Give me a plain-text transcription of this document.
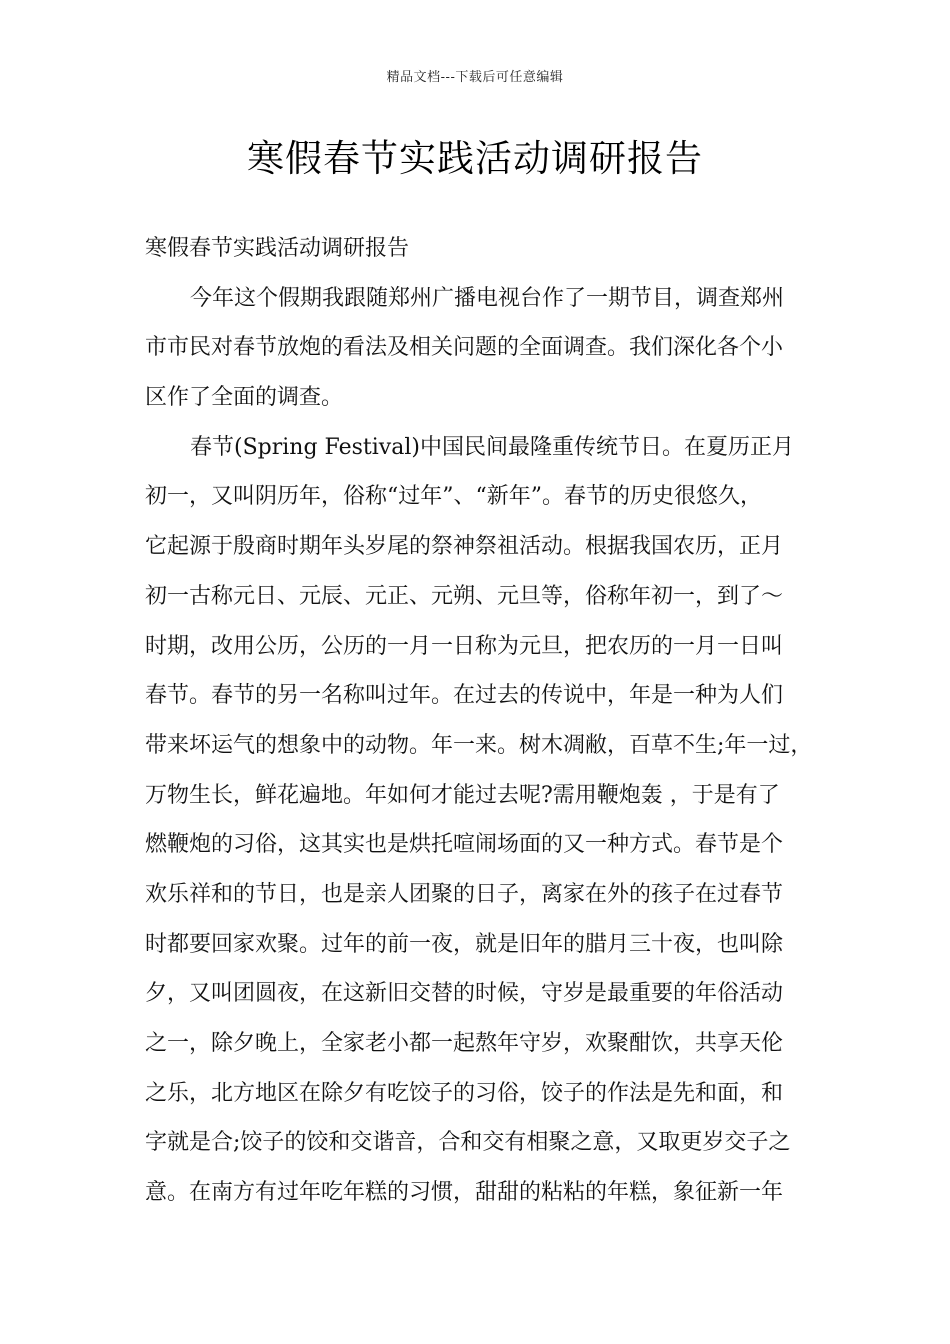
精品文档---下载后可任意编辑
寒假春节实践活动调研报告
寒假春节实践活动调研报告
今年这个假期我跟随郑州广播电视台作了一期节目，调查郑州
市市民对春节放炮的看法及相关问题的全面调查。我们深化各个小
区作了全面的调查。
春节(Spring Festival)中国民间最隆重传统节日。在夏历正月
初一，又叫阴历年，俗称“过年”、“新年”。春节的历史很悠久，
它起源于殷商时期年头岁尾的祭神祭祖活动。根据我国农历，正月
初一古称元日、元辰、元正、元朔、元旦等，俗称年初一，到了～
时期，改用公历，公历的一月一日称为元旦，把农历的一月一日叫
春节。春节的另一名称叫过年。在过去的传说中，年是一种为人们
带来坏运气的想象中的动物。年一来。树木凋敝，百草不生;年一过，
万物生长，鲜花遍地。年如何才能过去呢?需用鞭炮轰 ，于是有了
燃鞭炮的习俗，这其实也是烘托喧闹场面的又一种方式。春节是个
欢乐祥和的节日，也是亲人团聚的日子，离家在外的孩子在过春节
时都要回家欢聚。过年的前一夜，就是旧年的腊月三十夜，也叫除
夕，又叫团圆夜，在这新旧交替的时候，守岁是最重要的年俗活动
之一，除夕晚上，全家老小都一起熬年守岁，欢聚酣饮，共享天伦
之乐，北方地区在除夕有吃饺子的习俗，饺子的作法是先和面，和
字就是合;饺子的饺和交谐音，合和交有相聚之意，又取更岁交子之
意。在南方有过年吃年糕的习惯，甜甜的粘粘的年糕，象征新一年
